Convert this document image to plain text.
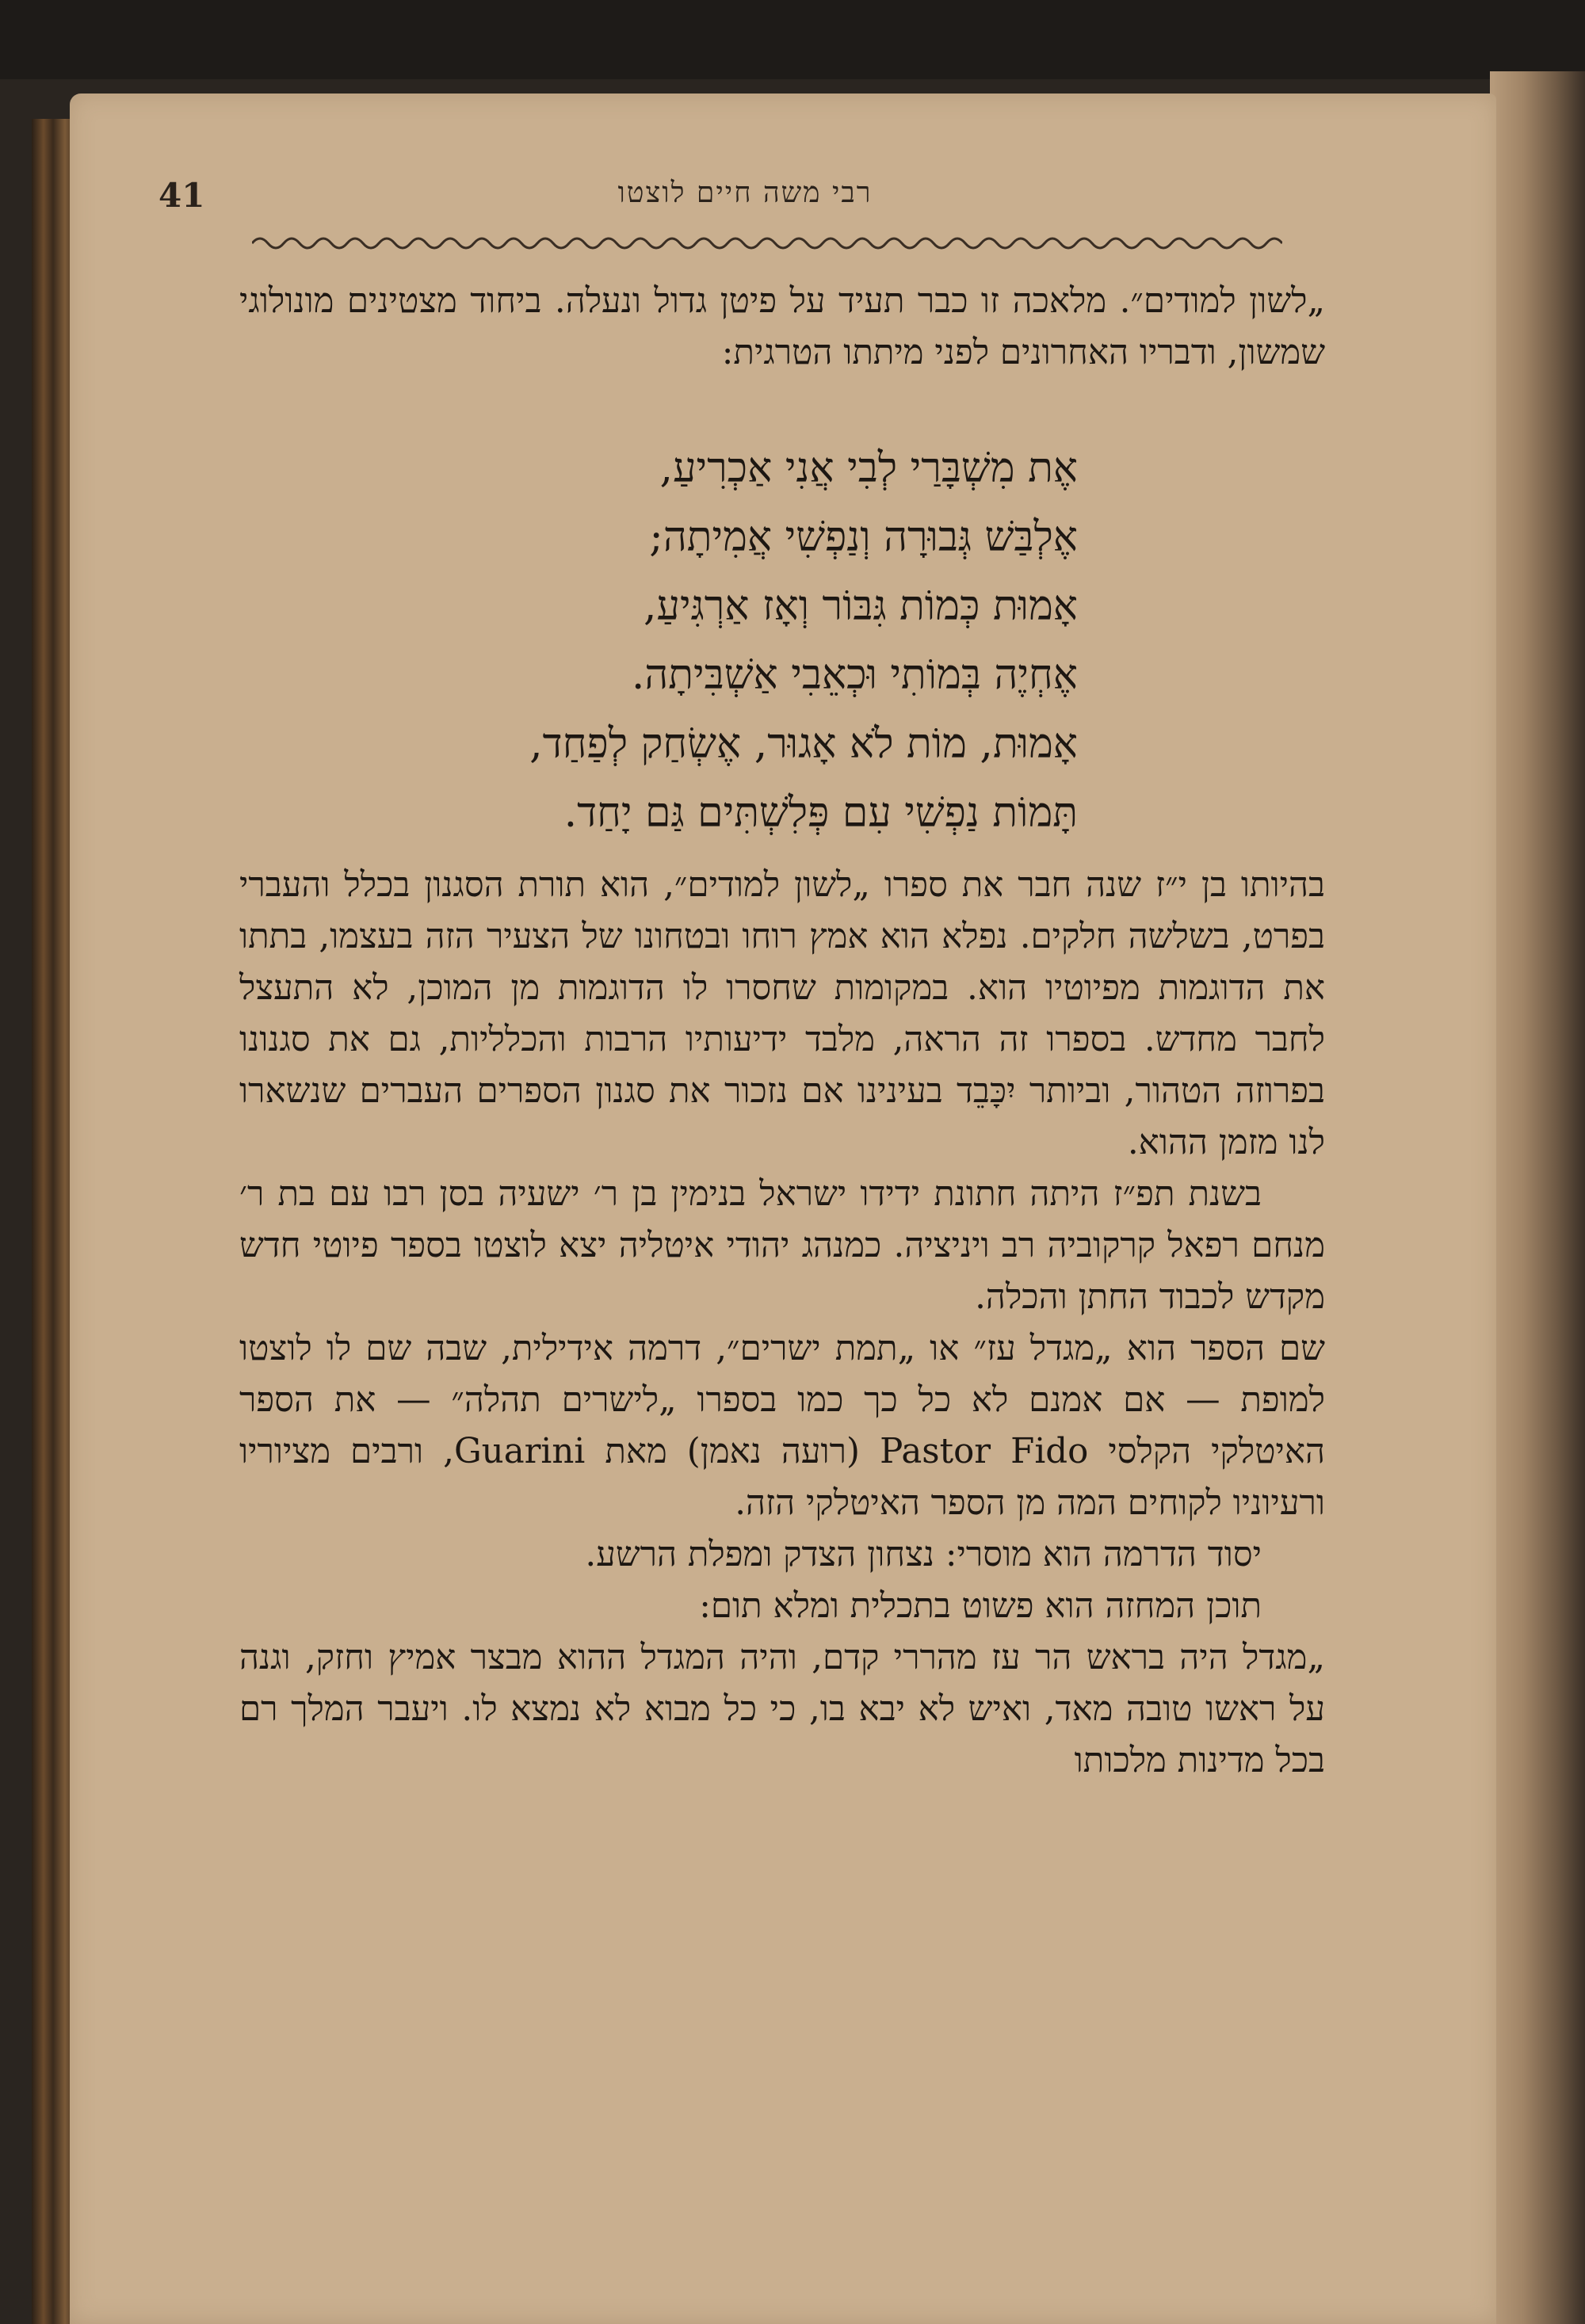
רבי משה חיים לוצטו
41

„לשון למודים״. מלאכה זו כבר תעיד על פיטן גדול ונעלה. ביחוד מצטינים מונולוגי שמשון, ודבריו האחרונים לפני מיתתו הטרגית:

אֶת מִשְׁבָּרַי לְבִי אֲנִי אַכְרִיעַ,
אֶלְבַּשׁ גְּבוּרָה וְנַפְשִׁי אֲמִיתָה;
אָמוּת כְּמוֹת גִּבּוֹר וְאָז אַרְגִּיעַ,
אֶחְיֶה בְּמוֹתִי וּכְאֵבִי אַשְׁבִּיתָה.
אָמוּת, מוֹת לֹא אָגוּר, אֶשְׂחַק לְפַחַד,
תָּמוֹת נַפְשִׁי עִם פְּלִשְׁתִּים גַּם יָחַד.

בהיותו בן י״ז שנה חבר את ספרו „לשון למודים״, הוא תורת הסגנון בכלל והעברי בפרט, בשלשה חלקים. נפלא הוא אמץ רוחו ובטחונו של הצעיר הזה בעצמו, בתתו את הדוגמות מפיוטיו הוא. במקומות שחסרו לו הדוגמות מן המוכן, לא התעצל לחבר מחדש. בספרו זה הראה, מלבד ידיעותיו הרבות והכלליות, גם את סגנונו בפרוזה הטהור, וביותר יִכָּבֵד בעינינו אם נזכור את סגנון הספרים העברים שנשארו לנו מזמן ההוא.

בשנת תפ״ז היתה חתונת ידידו ישראל בנימין בן ר׳ ישעיה בסן רבו עם בת ר׳ מנחם רפאל קרקוביה רב ויניציה. כמנהג יהודי איטליה יצא לוצטו בספר פיוטי חדש מקדש לכבוד החתן והכלה.

שם הספר הוא „מגדל עז״ או „תמת ישרים״, דרמה אידילית, שבה שם לו לוצטו למופת — אם אמנם לא כל כך כמו בספרו „לישרים תהלה״ — את הספר האיטלקי הקלסי Pastor Fido (רועה נאמן) מאת Guarini, ורבים מציוריו ורעיוניו לקוחים המה מן הספר האיטלקי הזה.

יסוד הדרמה הוא מוסרי: נצחון הצדק ומפלת הרשע.

תוכן המחזה הוא פשוט בתכלית ומלא תום:

„מגדל היה בראש הר עז מהררי קדם, והיה המגדל ההוא מבצר אמיץ וחזק, וגנה על ראשו טובה מאד, ואיש לא יבא בו, כי כל מבוא לא נמצא לו. ויעבר המלך רם בכל מדינות מלכותו
